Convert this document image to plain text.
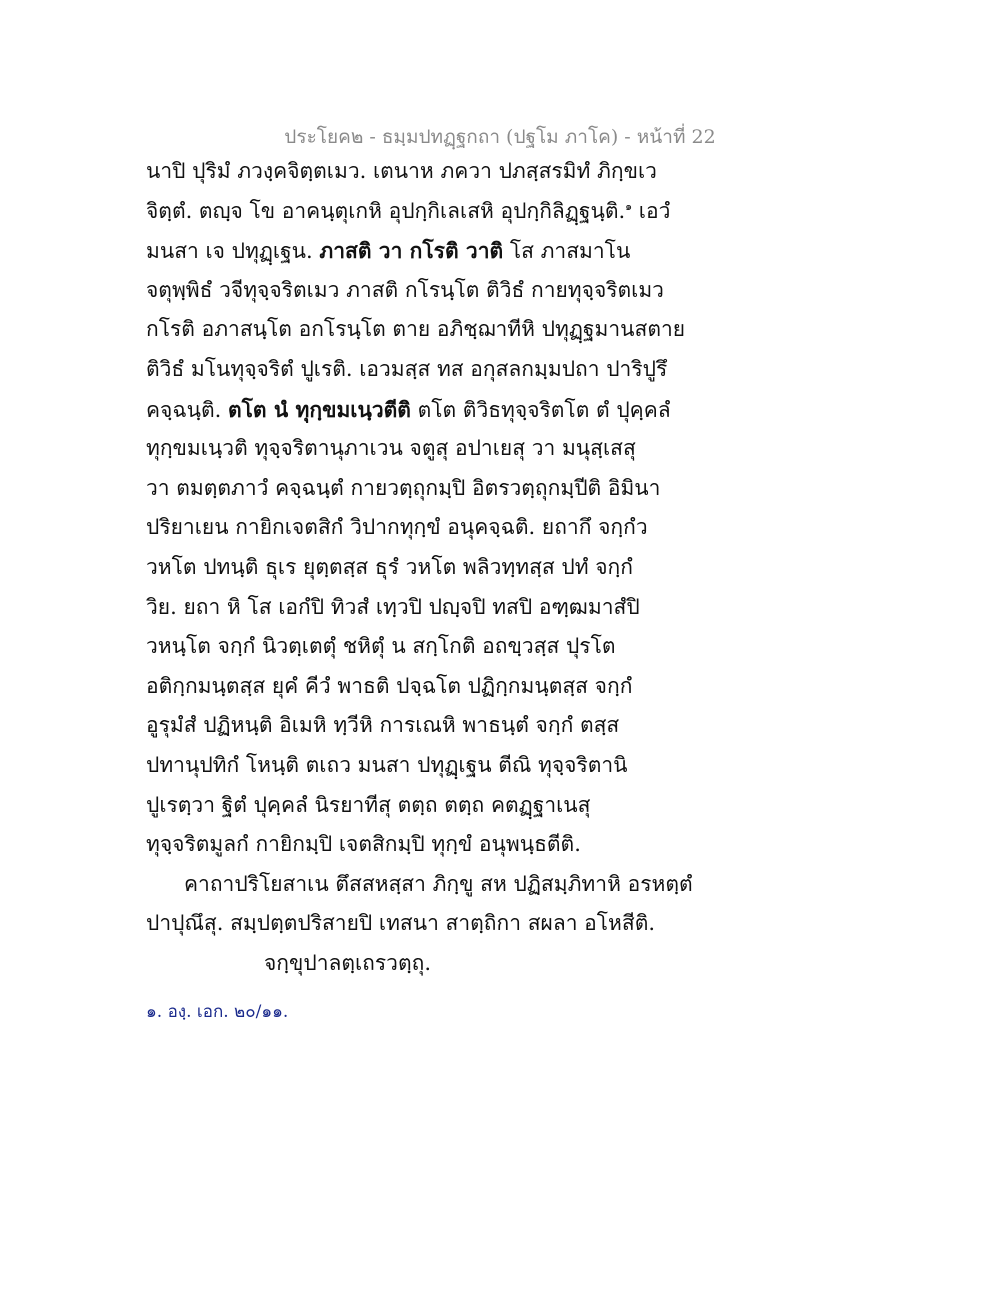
ประโยค๒ - ธมฺมปทฏฺฐกถา (ปฐโม ภาโค) - หน้าที่ 22
นาปิ ปุริมํ ภวงฺคจิตฺตเมว. เตนาห ภควา ปภสฺสรมิทํ ภิกฺขเว
จิตฺตํ. ตญฺจ โข อาคนฺตุเกหิ อุปกฺกิเลเสหิ อุปกฺกิลิฏฺฐนฺติ.$^๑$ เอวํ
มนสา เจ ปทุฏฺเฐน. ภาสติ วา กโรติ วาติ โส ภาสมาโน
จตุพฺพิธํ วจีทุจฺจริตเมว ภาสติ กโรนฺโต ติวิธํ กายทุจฺจริตเมว
กโรติ อภาสนฺโต อกโรนฺโต ตาย อภิชฺฌาทีหิ ปทุฏฺฐมานสตาย
ติวิธํ มโนทุจฺจริตํ ปูเรติ. เอวมสฺส ทส อกุสลกมฺมปถา ปาริปูรึ
คจฺฉนฺติ. ตโต นํ ทุกฺขมเนฺวตีติ ตโต ติวิธทุจฺจริตโต ตํ ปุคฺคลํ
ทุกฺขมเนฺวติ ทุจฺจริตานุภาเวน จตูสุ อปาเยสุ วา มนุสฺเสสุ
วา ตมตฺตภาวํ คจฺฉนฺตํ กายวตฺถุกมฺปิ อิตรวตฺถุกมฺปีติ อิมินา
ปริยาเยน กายิกเจตสิกํ วิปากทุกฺขํ อนุคจฺฉติ. ยถากึ จกฺกํว
วหโต ปทนฺติ ธุเร ยุตฺตสฺส ธุรํ วหโต พลิวทฺทสฺส ปทํ จกฺกํ
วิย. ยถา หิ โส เอกํปิ ทิวสํ เทฺวปิ ปญฺจปิ ทสปิ อฑฺฒมาสํปิ
วหนฺโต จกฺกํ นิวตฺเตตุํ ชหิตุํ น สกฺโกติ อถขฺวสฺส ปุรโต
อติกฺกมนฺตสฺส ยุคํ คีวํ พาธติ ปจฺฉโต ปฏิกฺกมนฺตสฺส จกฺกํ
อูรุมํสํ ปฏิหนฺติ อิเมหิ ทฺวีหิ การเณหิ พาธนฺตํ จกฺกํ ตสฺส
ปทานุปทิกํ โหนฺติ ตเถว มนสา ปทุฏฺเฐน ตีณิ ทุจฺจริตานิ
ปูเรตฺวา ฐิตํ ปุคฺคลํ นิรยาทีสุ ตตฺถ ตตฺถ คตฏฺฐาเนสุ
ทุจฺจริตมูลกํ กายิกมฺปิ เจตสิกมฺปิ ทุกฺขํ อนุพนฺธตีติ.
คาถาปริโยสาเน ตึสสหสฺสา ภิกฺขู สห ปฏิสมฺภิทาหิ อรหตฺตํ
ปาปุณึสุ. สมฺปตฺตปริสายปิ เทสนา สาตฺถิกา สผลา อโหสีติ.
จกฺขุปาลตฺเถรวตฺถุ.
๑. องฺ. เอก. ๒๐/๑๑.
